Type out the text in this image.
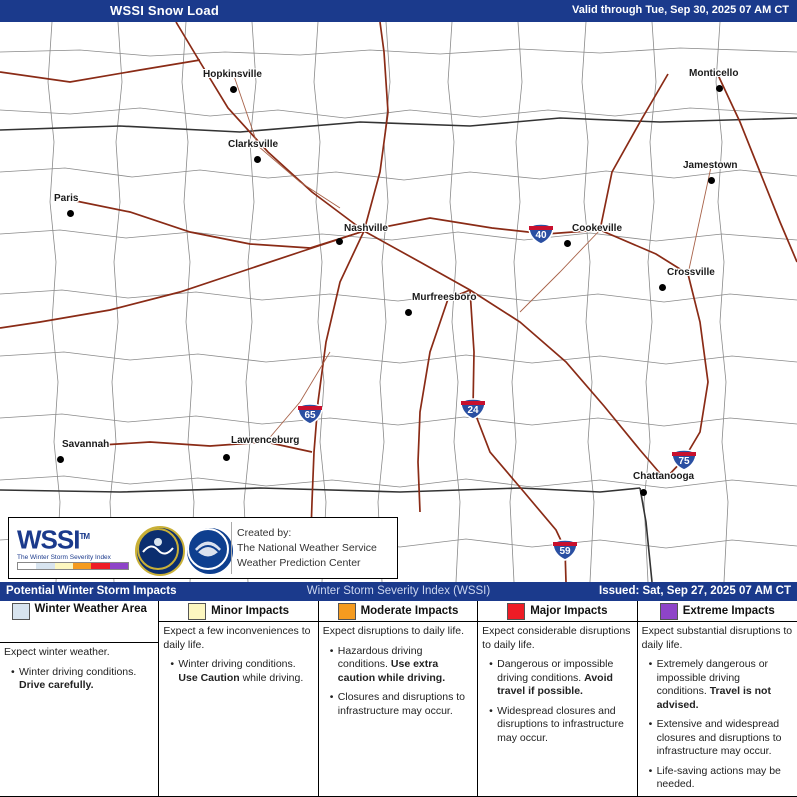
WSSI Snow Load	Valid through Tue, Sep 30, 2025 07 AM CT
Hopkinsville	Monticello
Clarksville
Jamestown
Paris
Nashville	Cookeville
Crossville
Murfreesboro
Savannah	Lawrenceburg
Chattanooga
40
65	24
75
59
WSSI™
The Winter Storm Severity Index
Created by:
The National Weather Service
Weather Prediction Center
Potential Winter Storm Impacts	Winter Storm Severity Index (WSSI)	Issued: Sat, Sep 27, 2025 07 AM CT
Winter Weather Area

Expect winter weather.

• Winter driving conditions. Drive carefully.
Minor Impacts

Expect a few inconveniences to daily life.

• Winter driving conditions. Use Caution while driving.
Moderate Impacts

Expect disruptions to daily life.

• Hazardous driving conditions. Use extra caution while driving.
• Closures and disruptions to infrastructure may occur.
Major Impacts

Expect considerable disruptions to daily life.

• Dangerous or impossible driving conditions. Avoid travel if possible.
• Widespread closures and disruptions to infrastructure may occur.
Extreme Impacts

Expect substantial disruptions to daily life.

• Extremely dangerous or impossible driving conditions. Travel is not advised.
• Extensive and widespread closures and disruptions to infrastructure may occur.
• Life-saving actions may be needed.
